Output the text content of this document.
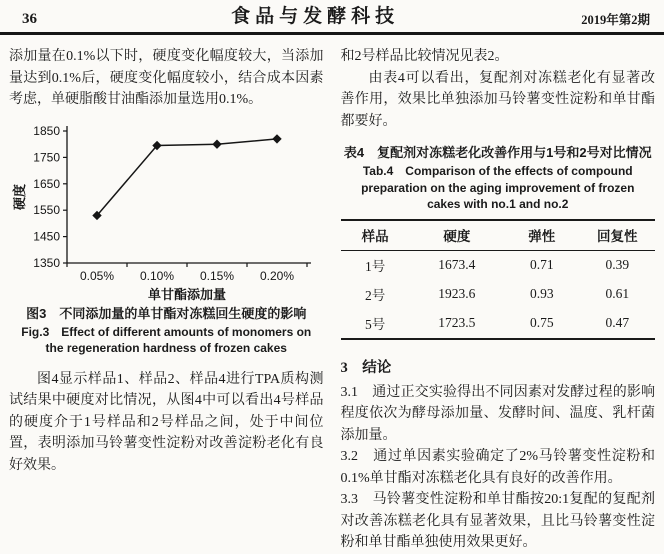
36	食品与发酵科技	2019年第2期

添加量在0.1%以下时，硬度变化幅度较大，当添加量达到0.1%后，硬度变化幅度较小，结合成本因素考虑，单硬脂酸甘油酯添加量选用0.1%。

1350
1450
1550
1650
1750
1850
0.05% 0.10% 0.15% 0.20%
单甘酯添加量
硬度
图3　不同添加量的单甘酯对冻糕回生硬度的影响
Fig.3　Effect of different amounts of monomers on the regeneration hardness of frozen cakes

图4显示样品1、样品2、样品4进行TPA质构测试结果中硬度对比情况，从图4中可以看出4号样品的硬度介于1号样品和2号样品之间，处于中间位置，表明添加马铃薯变性淀粉对改善淀粉老化有良好效果。

和2号样品比较情况见表2。

由表4可以看出，复配剂对冻糕老化有显著改善作用，效果比单独添加马铃薯变性淀粉和单甘酯都要好。

表4　复配剂对冻糕老化改善作用与1号和2号对比情况
Tab.4　Comparison of the effects of compound preparation on the aging improvement of frozen cakes with no.1 and no.2
样品	硬度	弹性	回复性
1号	1673.4	0.71	0.39
2号	1923.6	0.93	0.61
5号	1723.5	0.75	0.47
3　结论

3.1　通过正交实验得出不同因素对发酵过程的影响程度依次为酵母添加量、发酵时间、温度、乳杆菌添加量。

3.2　通过单因素实验确定了2%马铃薯变性淀粉和0.1%单甘酯对冻糕老化具有良好的改善作用。

3.3　马铃薯变性淀粉和单甘酯按20:1复配的复配剂对改善冻糕老化具有显著效果，且比马铃薯变性淀粉和单甘酯单独使用效果更好。
